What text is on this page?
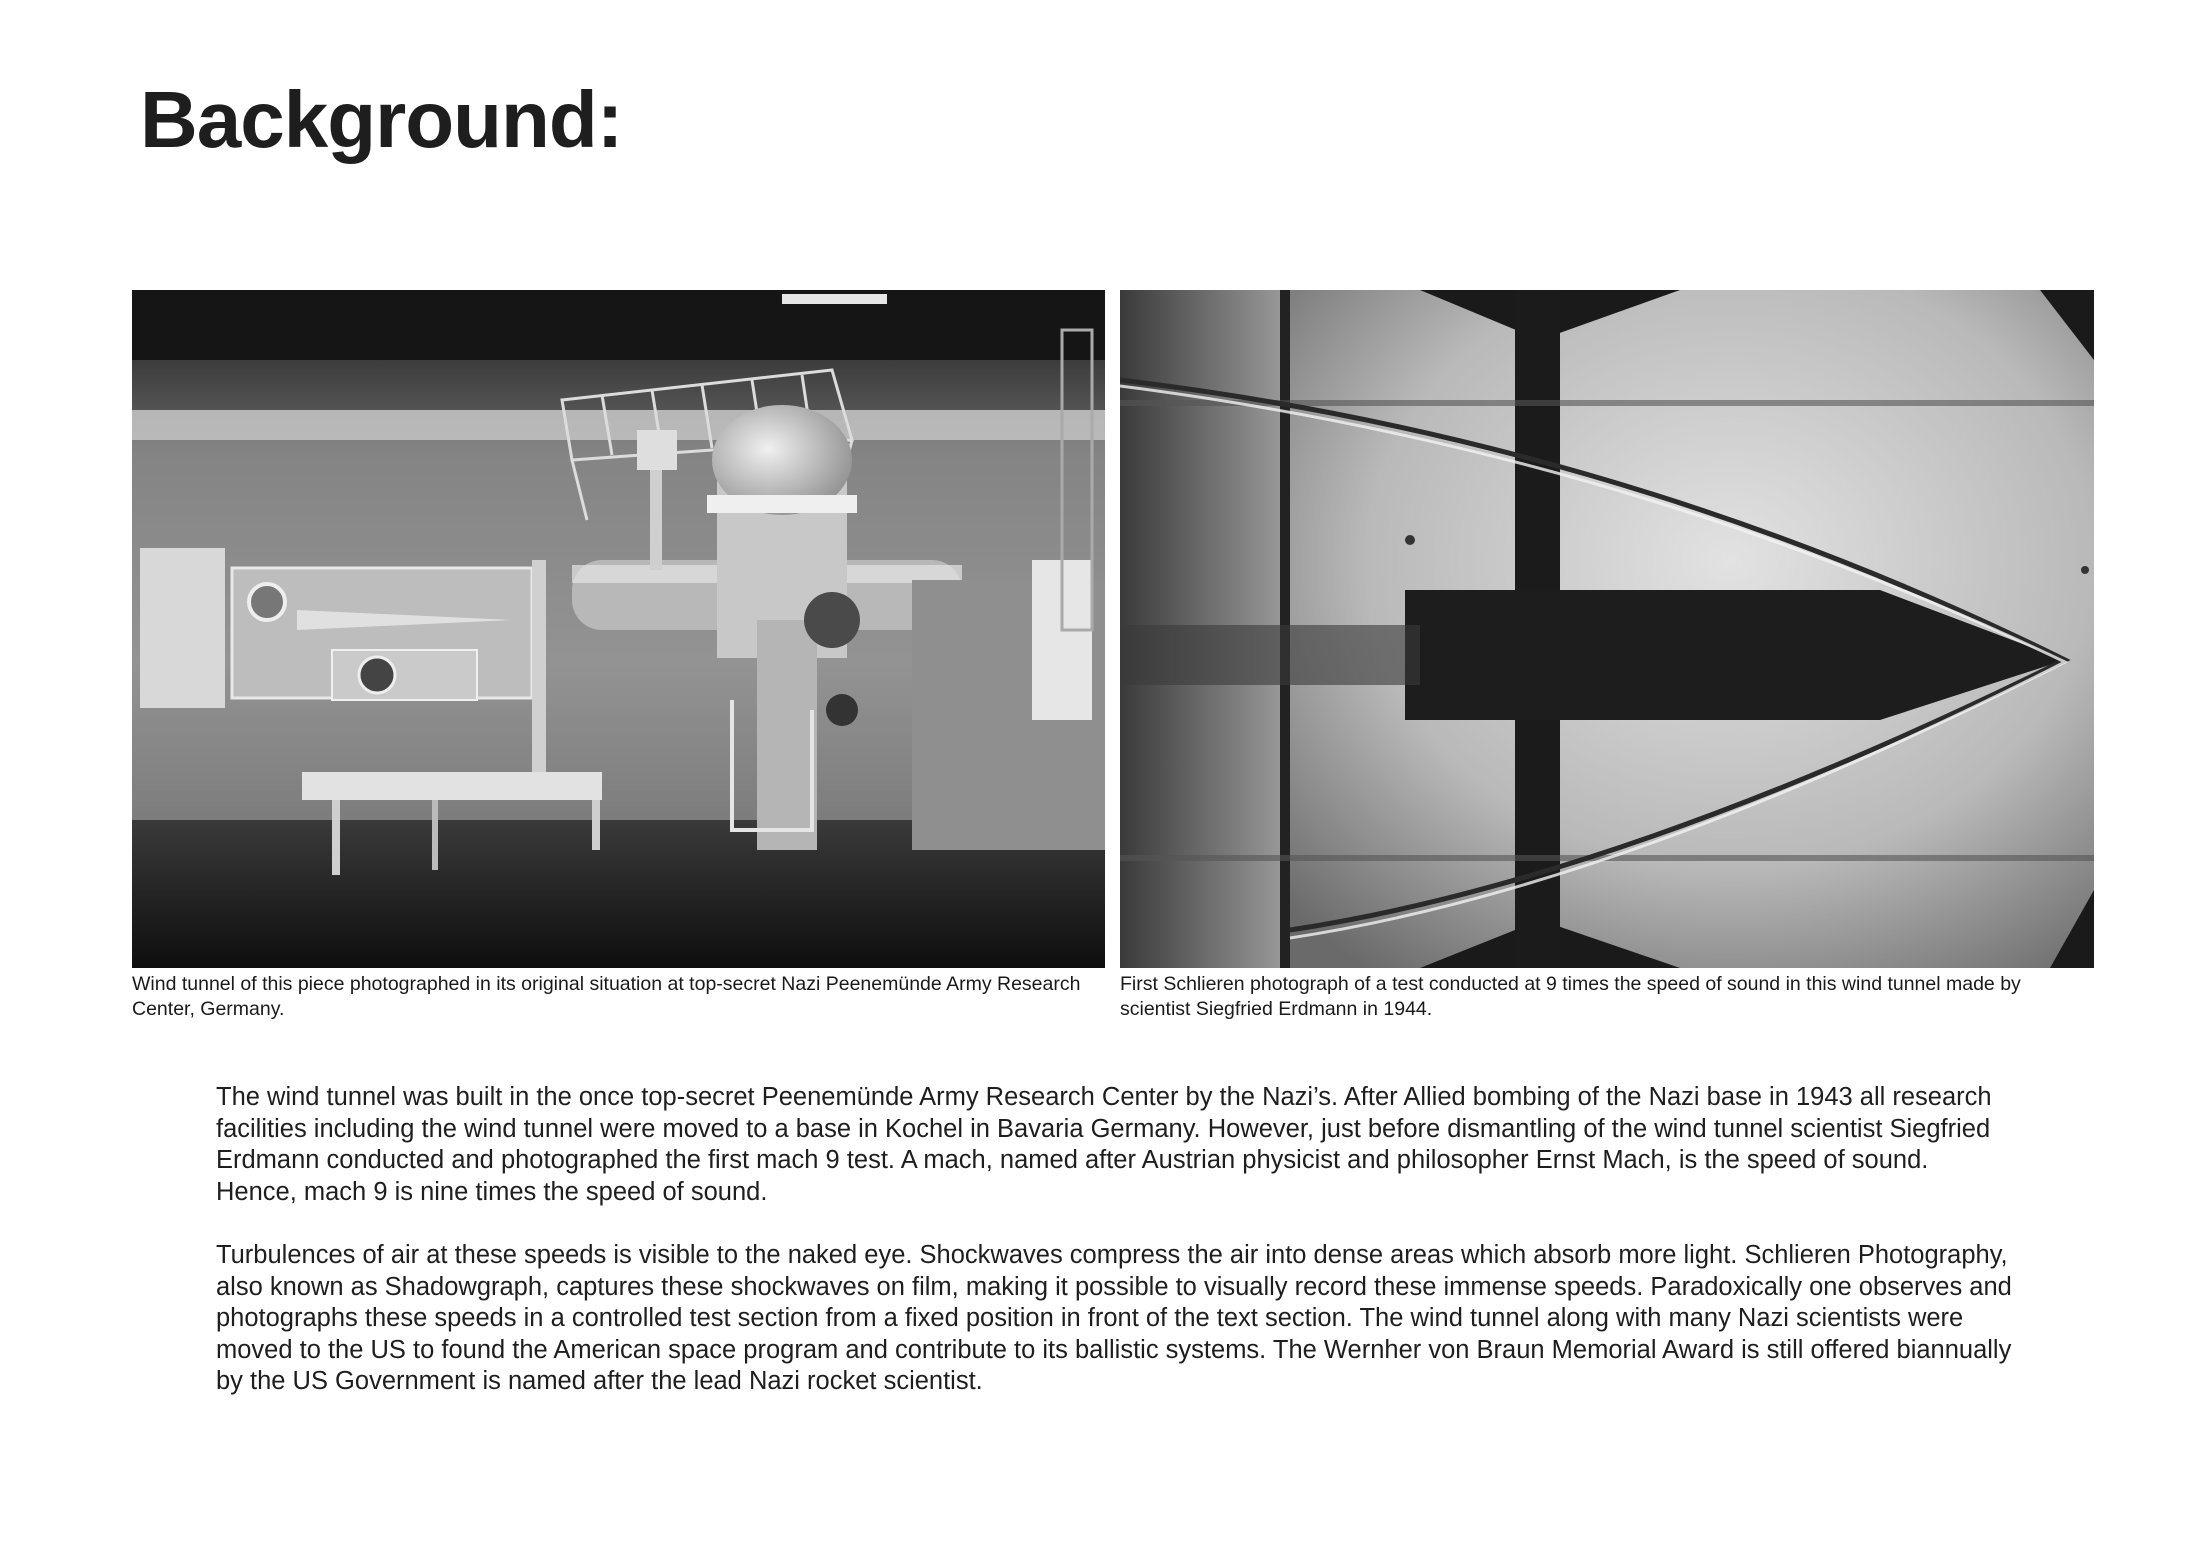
Background:

Wind tunnel of this piece photographed in its original situation at top-secret Nazi Peenemünde Army Research Center, Germany.

First Schlieren photograph of a test conducted at 9 times the speed of sound in this wind tunnel made by scientist Siegfried Erdmann in 1944.

The wind tunnel was built in the once top-secret Peenemünde Army Research Center by the Nazi’s. After Allied bombing of the Nazi base in 1943 all research facilities including the wind tunnel were moved to a base in Kochel in Bavaria Germany. However, just before dismantling of the wind tunnel scientist Siegfried Erdmann conducted and photographed the first mach 9 test. A mach, named after Austrian physicist and philosopher Ernst Mach, is the speed of sound. Hence, mach 9 is nine times the speed of sound.

Turbulences of air at these speeds is visible to the naked eye. Shockwaves compress the air into dense areas which absorb more light. Schlieren Photography, also known as Shadowgraph, captures these shockwaves on film, making it possible to visually record these immense speeds. Paradoxically one observes and photographs these speeds in a controlled test section from a fixed position in front of the text section. The wind tunnel along with many Nazi scientists were moved to the US to found the American space program and contribute to its ballistic systems. The Wernher von Braun Memorial Award is still offered biannually by the US Government is named after the lead Nazi rocket scientist.
